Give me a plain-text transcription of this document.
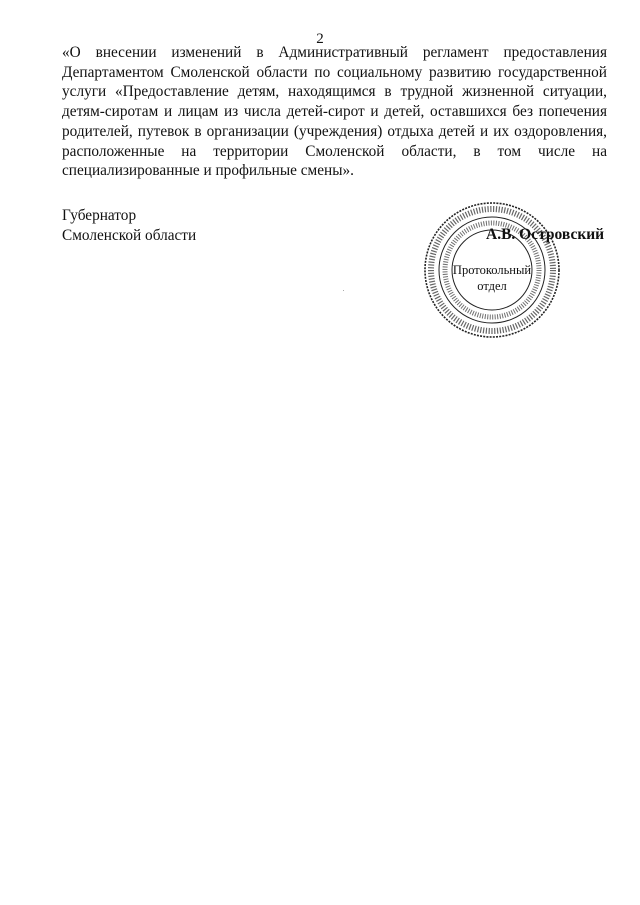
2
«О внесении изменений в Административный регламент предоставления
Департаментом Смоленской области по социальному развитию государственной
услуги «Предоставление детям, находящимся в трудной жизненной ситуации,
детям-сиротам и лицам из числа детей-сирот и детей, оставшихся без попечения
родителей, путевок в организации (учреждения) отдыха детей и их оздоровления,
расположенные на территории Смоленской области, в том числе на
специализированные и профильные смены».
Губернатор
Смоленской области
Протокольный
отдел
А.В. Островский
